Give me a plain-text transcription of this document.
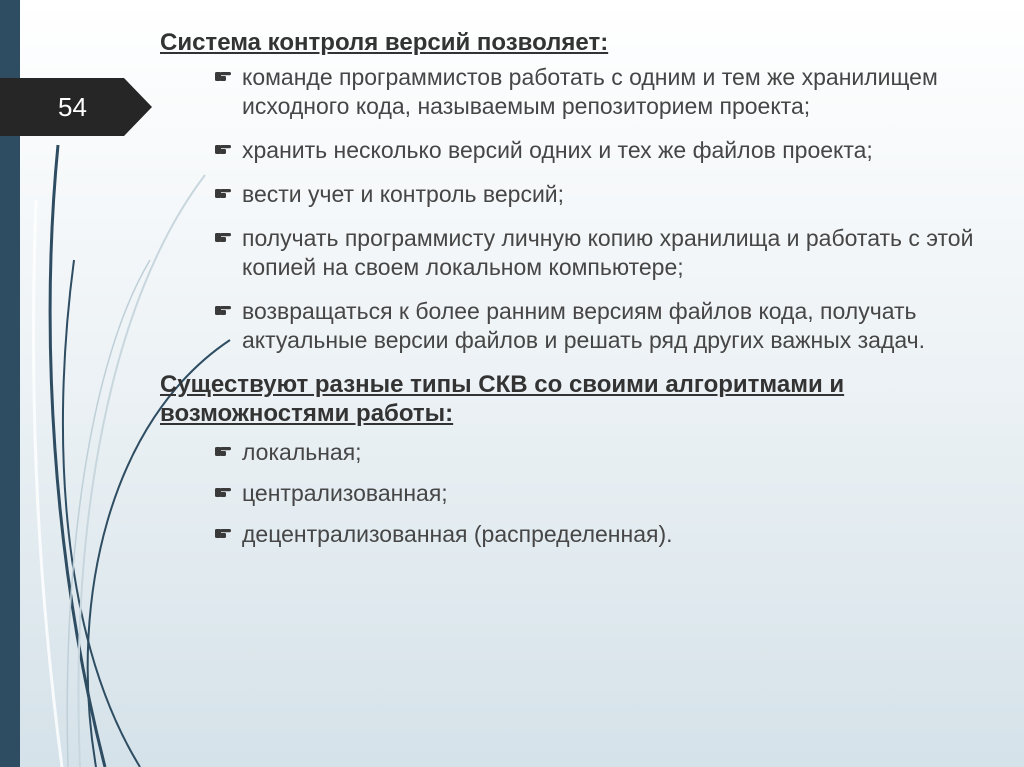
54
Система контроля версий позволяет:
команде программистов работать с одним и тем же хранилищем исходного кода, называемым репозиторием проекта;
хранить несколько версий одних и тех же файлов проекта;
вести учет и контроль версий;
получать программисту личную копию хранилища и работать с этой копией на своем локальном компьютере;
возвращаться к более ранним версиям файлов кода, получать актуальные версии файлов и решать ряд других важных задач.
Существуют разные типы СКВ со своими алгоритмами и возможностями работы:
локальная;
централизованная;
децентрализованная (распределенная).
